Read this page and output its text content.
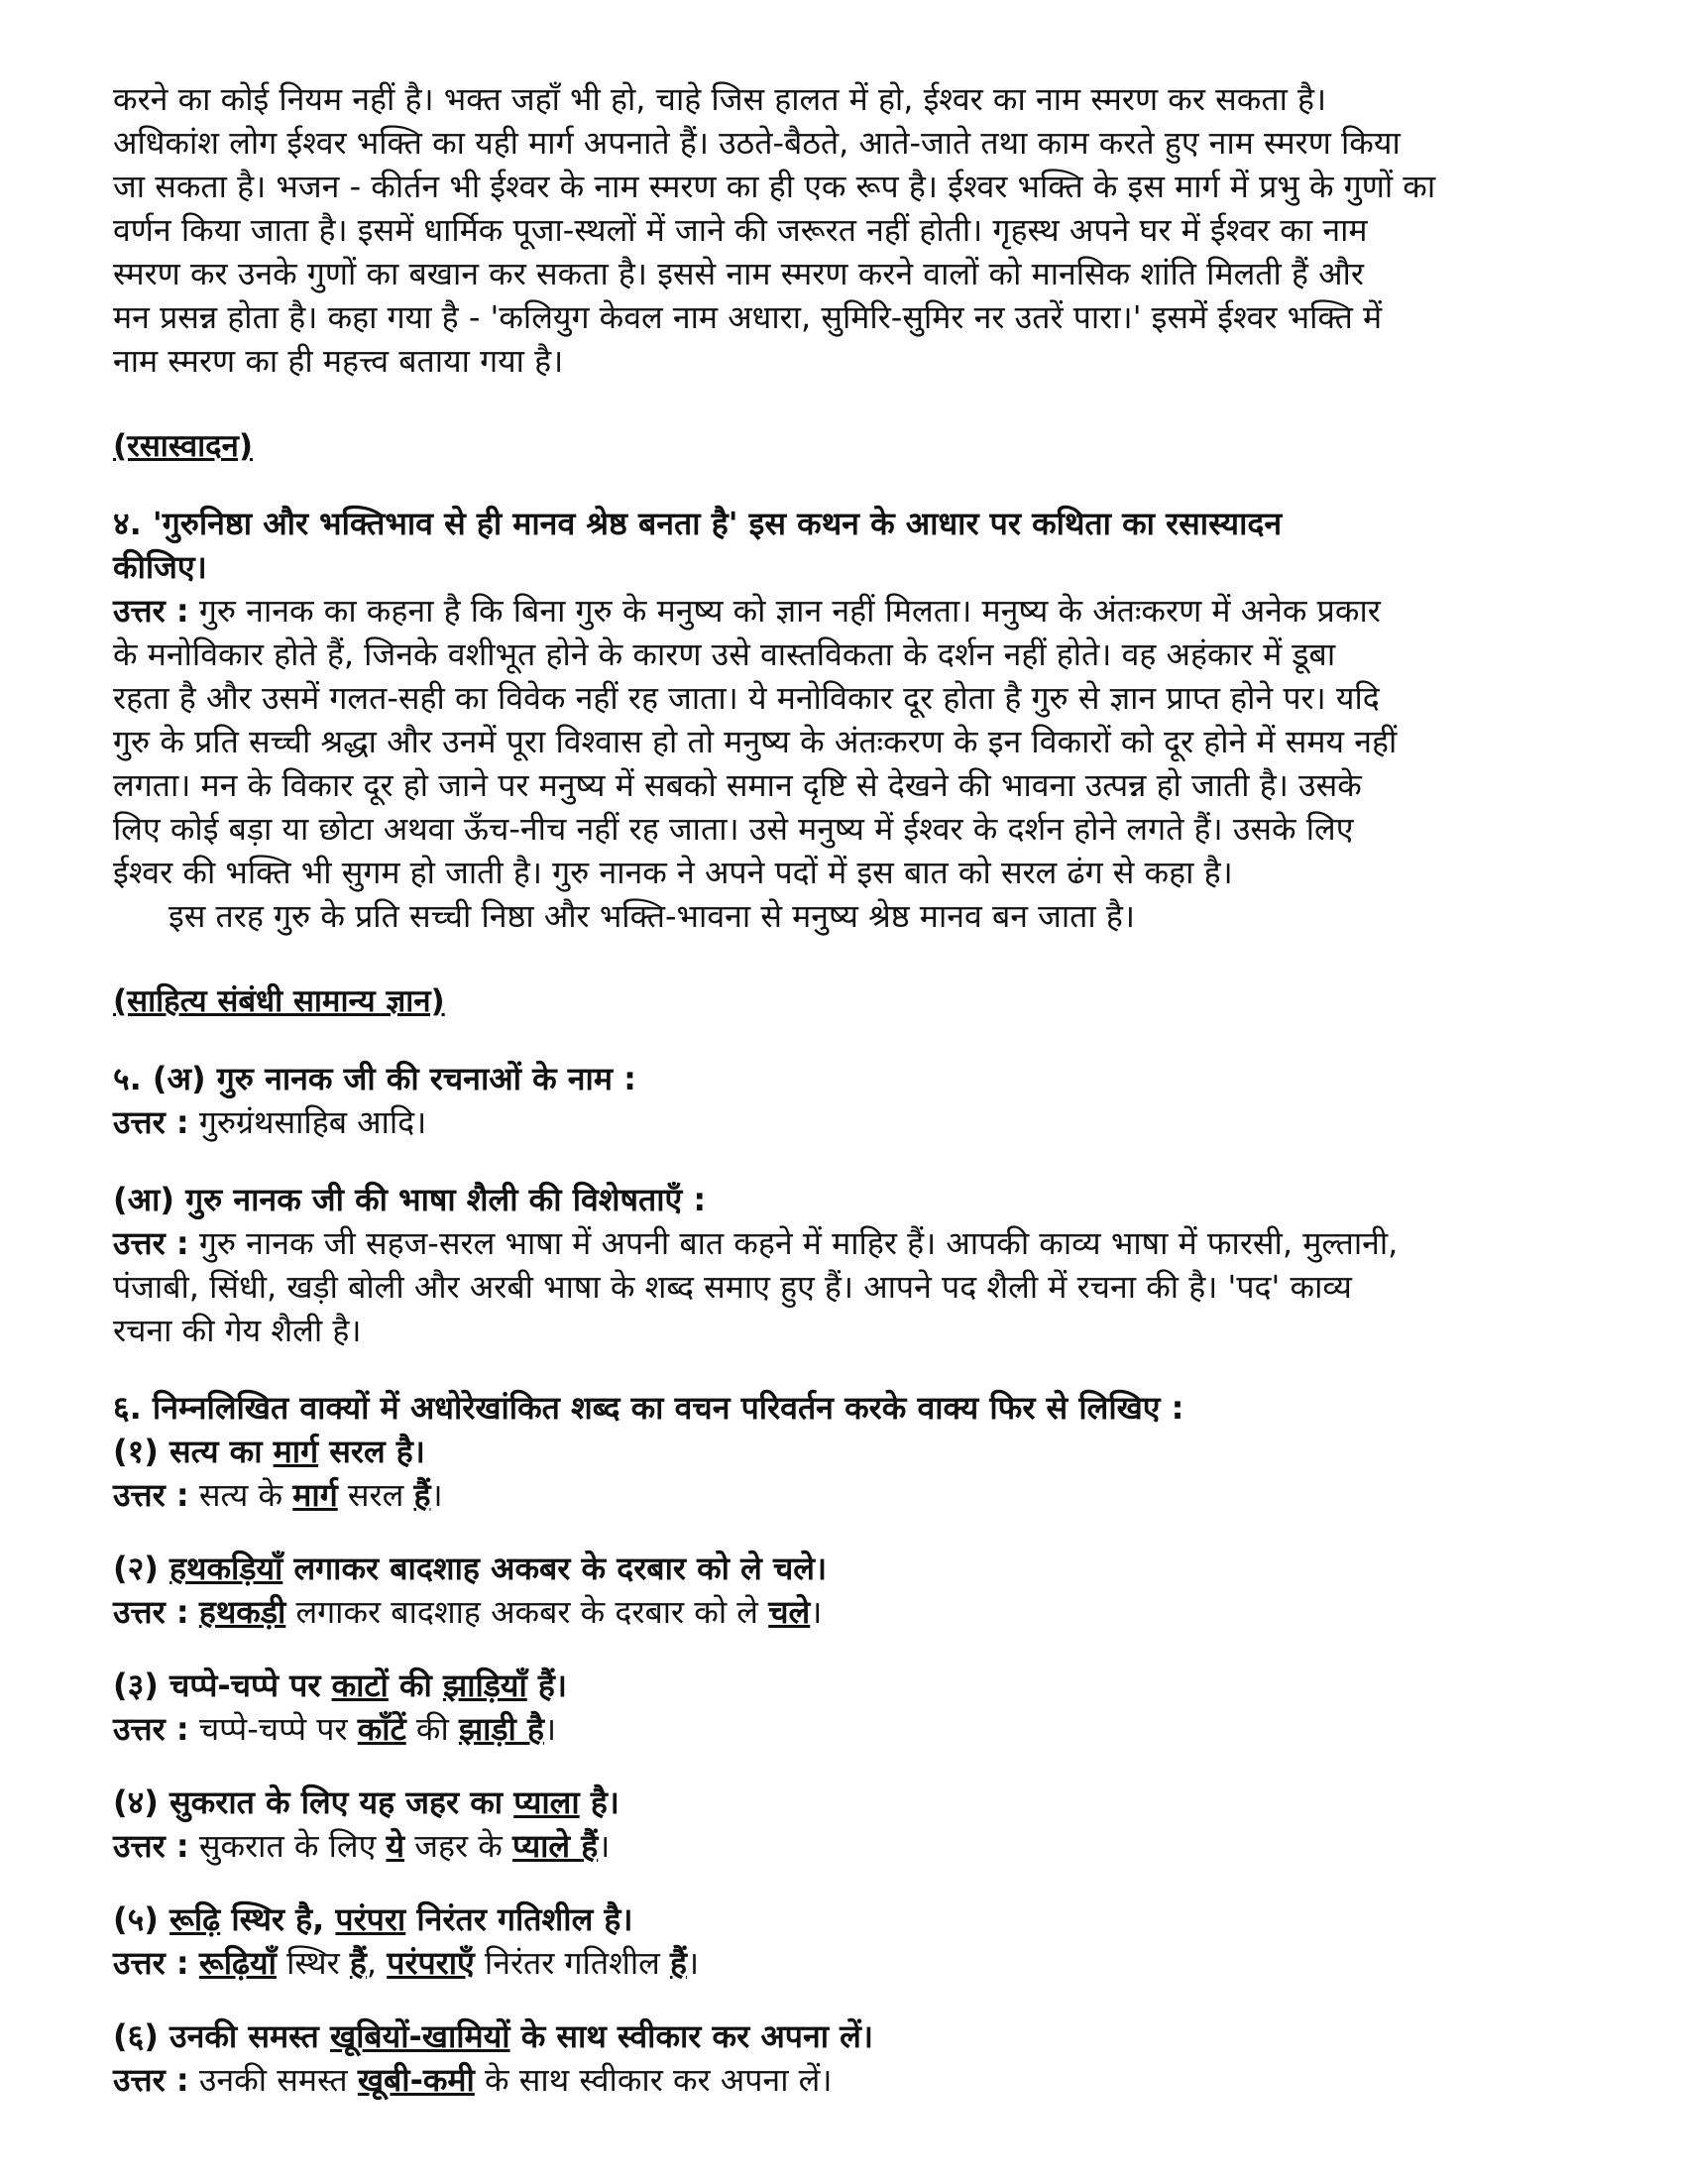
करने का कोई नियम नहीं है। भक्त जहाँ भी हो, चाहे जिस हालत में हो, ईश्वर का नाम स्मरण कर सकता है।

अधिकांश लोग ईश्वर भक्ति का यही मार्ग अपनाते हैं। उठते-बैठते, आते-जाते तथा काम करते हुए नाम स्मरण किया

जा सकता है। भजन - कीर्तन भी ईश्वर के नाम स्मरण का ही एक रूप है। ईश्वर भक्ति के इस मार्ग में प्रभु के गुणों का

वर्णन किया जाता है। इसमें धार्मिक पूजा-स्थलों में जाने की जरूरत नहीं होती। गृहस्थ अपने घर में ईश्वर का नाम

स्मरण कर उनके गुणों का बखान कर सकता है। इससे नाम स्मरण करने वालों को मानसिक शांति मिलती हैं और

मन प्रसन्न होता है। कहा गया है - 'कलियुग केवल नाम अधारा, सुमिरि-सुमिर नर उतरें पारा।' इसमें ईश्वर भक्ति में

नाम स्मरण का ही महत्त्व बताया गया है।

(रसास्वादन)

४. 'गुरुनिष्ठा और भक्तिभाव से ही मानव श्रेष्ठ बनता है' इस कथन के आधार पर कथिता का रसास्यादन

कीजिए।

उत्तर : गुरु नानक का कहना है कि बिना गुरु के मनुष्य को ज्ञान नहीं मिलता। मनुष्य के अंतःकरण में अनेक प्रकार

के मनोविकार होते हैं, जिनके वशीभूत होने के कारण उसे वास्तविकता के दर्शन नहीं होते। वह अहंकार में डूबा

रहता है और उसमें गलत-सही का विवेक नहीं रह जाता। ये मनोविकार दूर होता है गुरु से ज्ञान प्राप्त होने पर। यदि

गुरु के प्रति सच्ची श्रद्धा और उनमें पूरा विश्वास हो तो मनुष्य के अंतःकरण के इन विकारों को दूर होने में समय नहीं

लगता। मन के विकार दूर हो जाने पर मनुष्य में सबको समान दृष्टि से देखने की भावना उत्पन्न हो जाती है। उसके

लिए कोई बड़ा या छोटा अथवा ऊँच-नीच नहीं रह जाता। उसे मनुष्य में ईश्वर के दर्शन होने लगते हैं। उसके लिए

ईश्वर की भक्ति भी सुगम हो जाती है। गुरु नानक ने अपने पदों में इस बात को सरल ढंग से कहा है।

इस तरह गुरु के प्रति सच्ची निष्ठा और भक्ति-भावना से मनुष्य श्रेष्ठ मानव बन जाता है।

(साहित्य संबंधी सामान्य ज्ञान)

५. (अ) गुरु नानक जी की रचनाओं के नाम :

उत्तर : गुरुग्रंथसाहिब आदि।

(आ) गुरु नानक जी की भाषा शैली की विशेषताएँ :

उत्तर : गुरु नानक जी सहज-सरल भाषा में अपनी बात कहने में माहिर हैं। आपकी काव्य भाषा में फारसी, मुल्तानी,

पंजाबी, सिंधी, खड़ी बोली और अरबी भाषा के शब्द समाए हुए हैं। आपने पद शैली में रचना की है। 'पद' काव्य

रचना की गेय शैली है।

६. निम्नलिखित वाक्यों में अधोरेखांकित शब्द का वचन परिवर्तन करके वाक्य फिर से लिखिए :

(१) सत्य का मार्ग सरल है।

उत्तर : सत्य के मार्ग सरल हैं।

(२) हथकड़ियाँ लगाकर बादशाह अकबर के दरबार को ले चले।

उत्तर : हथकड़ी लगाकर बादशाह अकबर के दरबार को ले चले।

(३) चप्पे-चप्पे पर काटों की झाड़ियाँ हैं।

उत्तर : चप्पे-चप्पे पर काँटें की झाड़ी है।

(४) सुकरात के लिए यह जहर का प्याला है।

उत्तर : सुकरात के लिए ये जहर के प्याले हैं।

(५) रूढ़ि स्थिर है, परंपरा निरंतर गतिशील है।

उत्तर : रूढ़ियाँ स्थिर हैं, परंपराएँ निरंतर गतिशील हैं।

(६) उनकी समस्त खूबियों-खामियों के साथ स्वीकार कर अपना लें।

उत्तर : उनकी समस्त खूबी-कमी के साथ स्वीकार कर अपना लें।
